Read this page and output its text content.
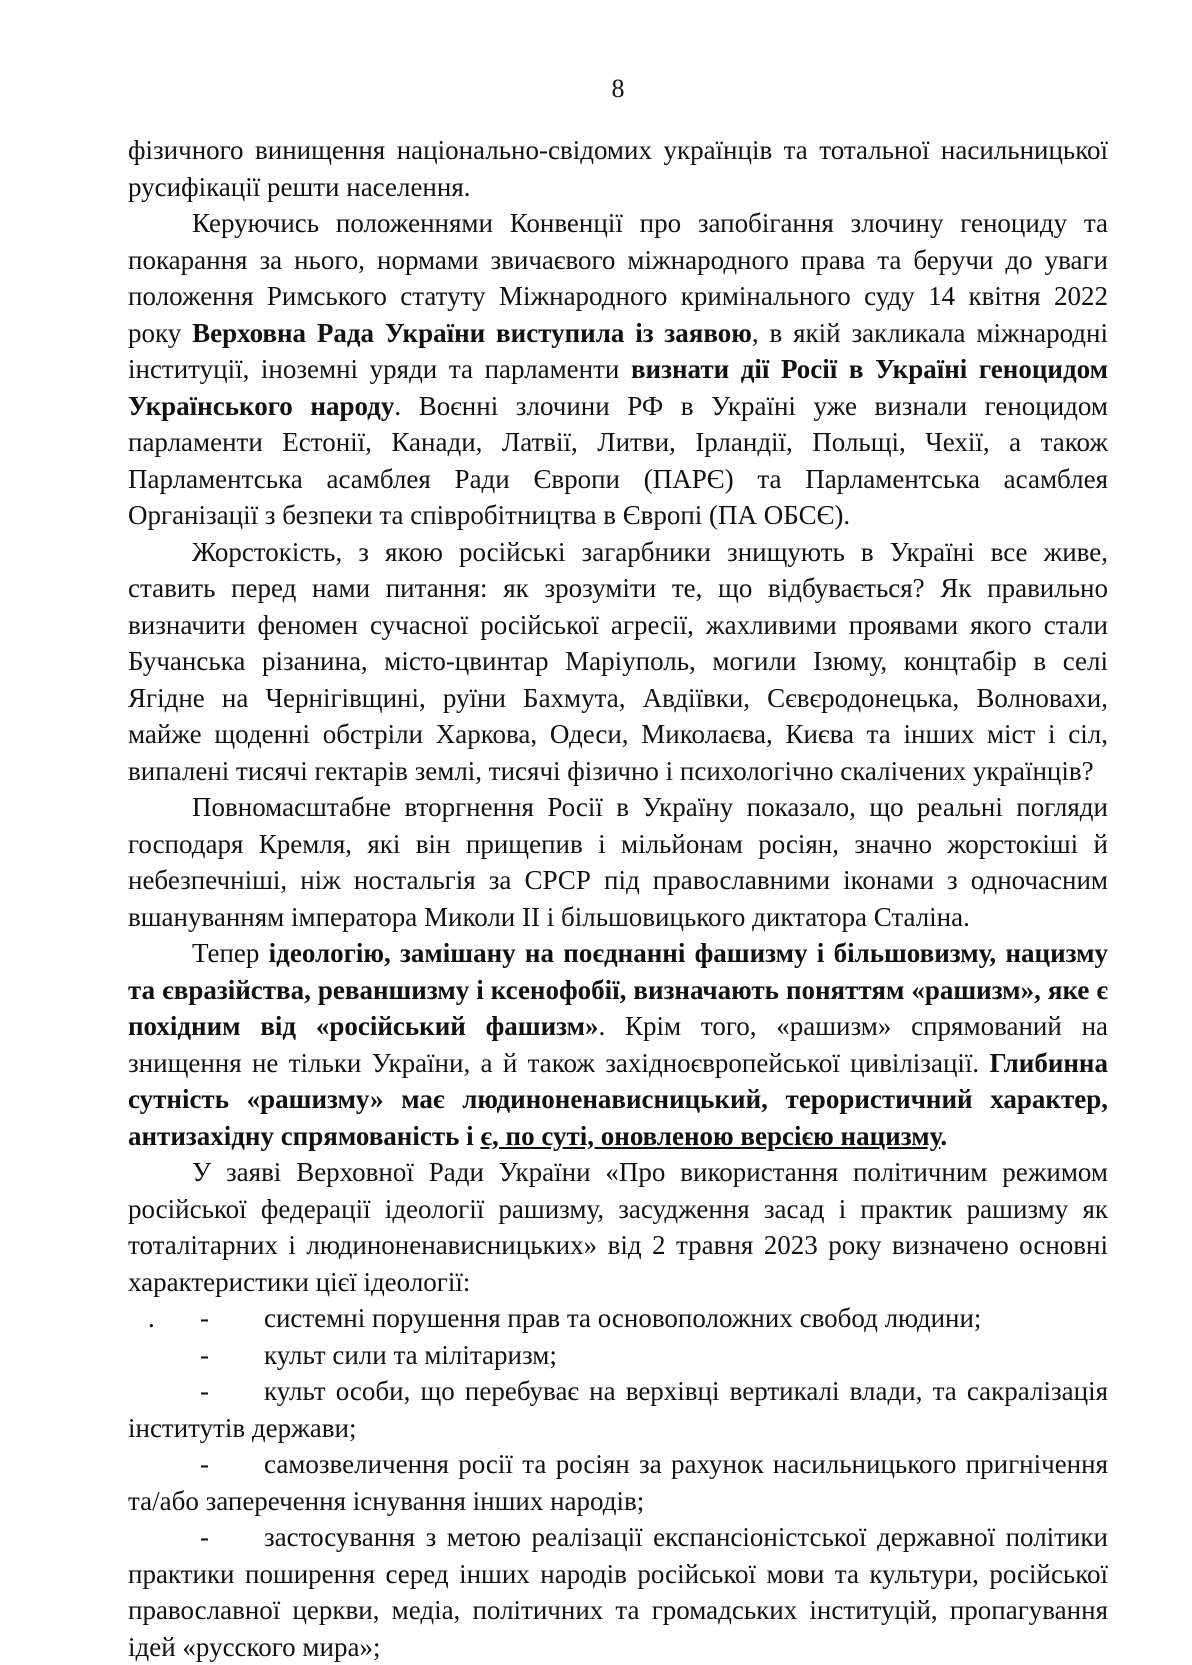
8

фізичного винищення національно-свідомих українців та тотальної насильницької русифікації решти населення.

Керуючись положеннями Конвенції про запобігання злочину геноциду та покарання за нього, нормами звичаєвого міжнародного права та беручи до уваги положення Римського статуту Міжнародного кримінального суду 14 квітня 2022 року Верховна Рада України виступила із заявою, в якій закликала міжнародні інституції, іноземні уряди та парламенти визнати дії Росії в Україні геноцидом Українського народу. Воєнні злочини РФ в Україні уже визнали геноцидом парламенти Естонії, Канади, Латвії, Литви, Ірландії, Польщі, Чехії, а також Парламентська асамблея Ради Європи (ПАРЄ) та Парламентська асамблея Організації з безпеки та співробітництва в Європі (ПА ОБСЄ).

Жорстокість, з якою російські загарбники знищують в Україні все живе, ставить перед нами питання: як зрозуміти те, що відбувається? Як правильно визначити феномен сучасної російської агресії, жахливими проявами якого стали Бучанська різанина, місто-цвинтар Маріуполь, могили Ізюму, концтабір в селі Ягідне на Чернігівщині, руїни Бахмута, Авдіївки, Сєвєродонецька, Волновахи, майже щоденні обстріли Харкова, Одеси, Миколаєва, Києва та інших міст і сіл, випалені тисячі гектарів землі, тисячі фізично і психологічно скалічених українців?

Повномасштабне вторгнення Росії в Україну показало, що реальні погляди господаря Кремля, які він прищепив і мільйонам росіян, значно жорстокіші й небезпечніші, ніж ностальгія за СРСР під православними іконами з одночасним вшануванням імператора Миколи ІІ і більшовицького диктатора Сталіна.

Тепер ідеологію, замішану на поєднанні фашизму і більшовизму, нацизму та євразійства, реваншизму і ксенофобії, визначають поняттям «рашизм», яке є похідним від «російський фашизм». Крім того, «рашизм» спрямований на знищення не тільки України, а й також західноєвропейської цивілізації. Глибинна сутність «рашизму» має людиноненависницький, терористичний характер, антизахідну спрямованість і є, по суті, оновленою версією нацизму.

У заяві Верховної Ради України «Про використання політичним режимом російської федерації ідеології рашизму, засудження засад і практик рашизму як тоталітарних і людиноненависницьких» від 2 травня 2023 року визначено основні характеристики цієї ідеології:

. - системні порушення прав та основоположних свобод людини;

- культ сили та мілітаризм;

- культ особи, що перебуває на верхівці вертикалі влади, та сакралізація інститутів держави;

- самозвеличення росії та росіян за рахунок насильницького пригнічення та/або заперечення існування інших народів;

- застосування з метою реалізації експансіоністської державної політики практики поширення серед інших народів російської мови та культури, російської православної церкви, медіа, політичних та громадських інституцій, пропагування ідей «русского мира»;
